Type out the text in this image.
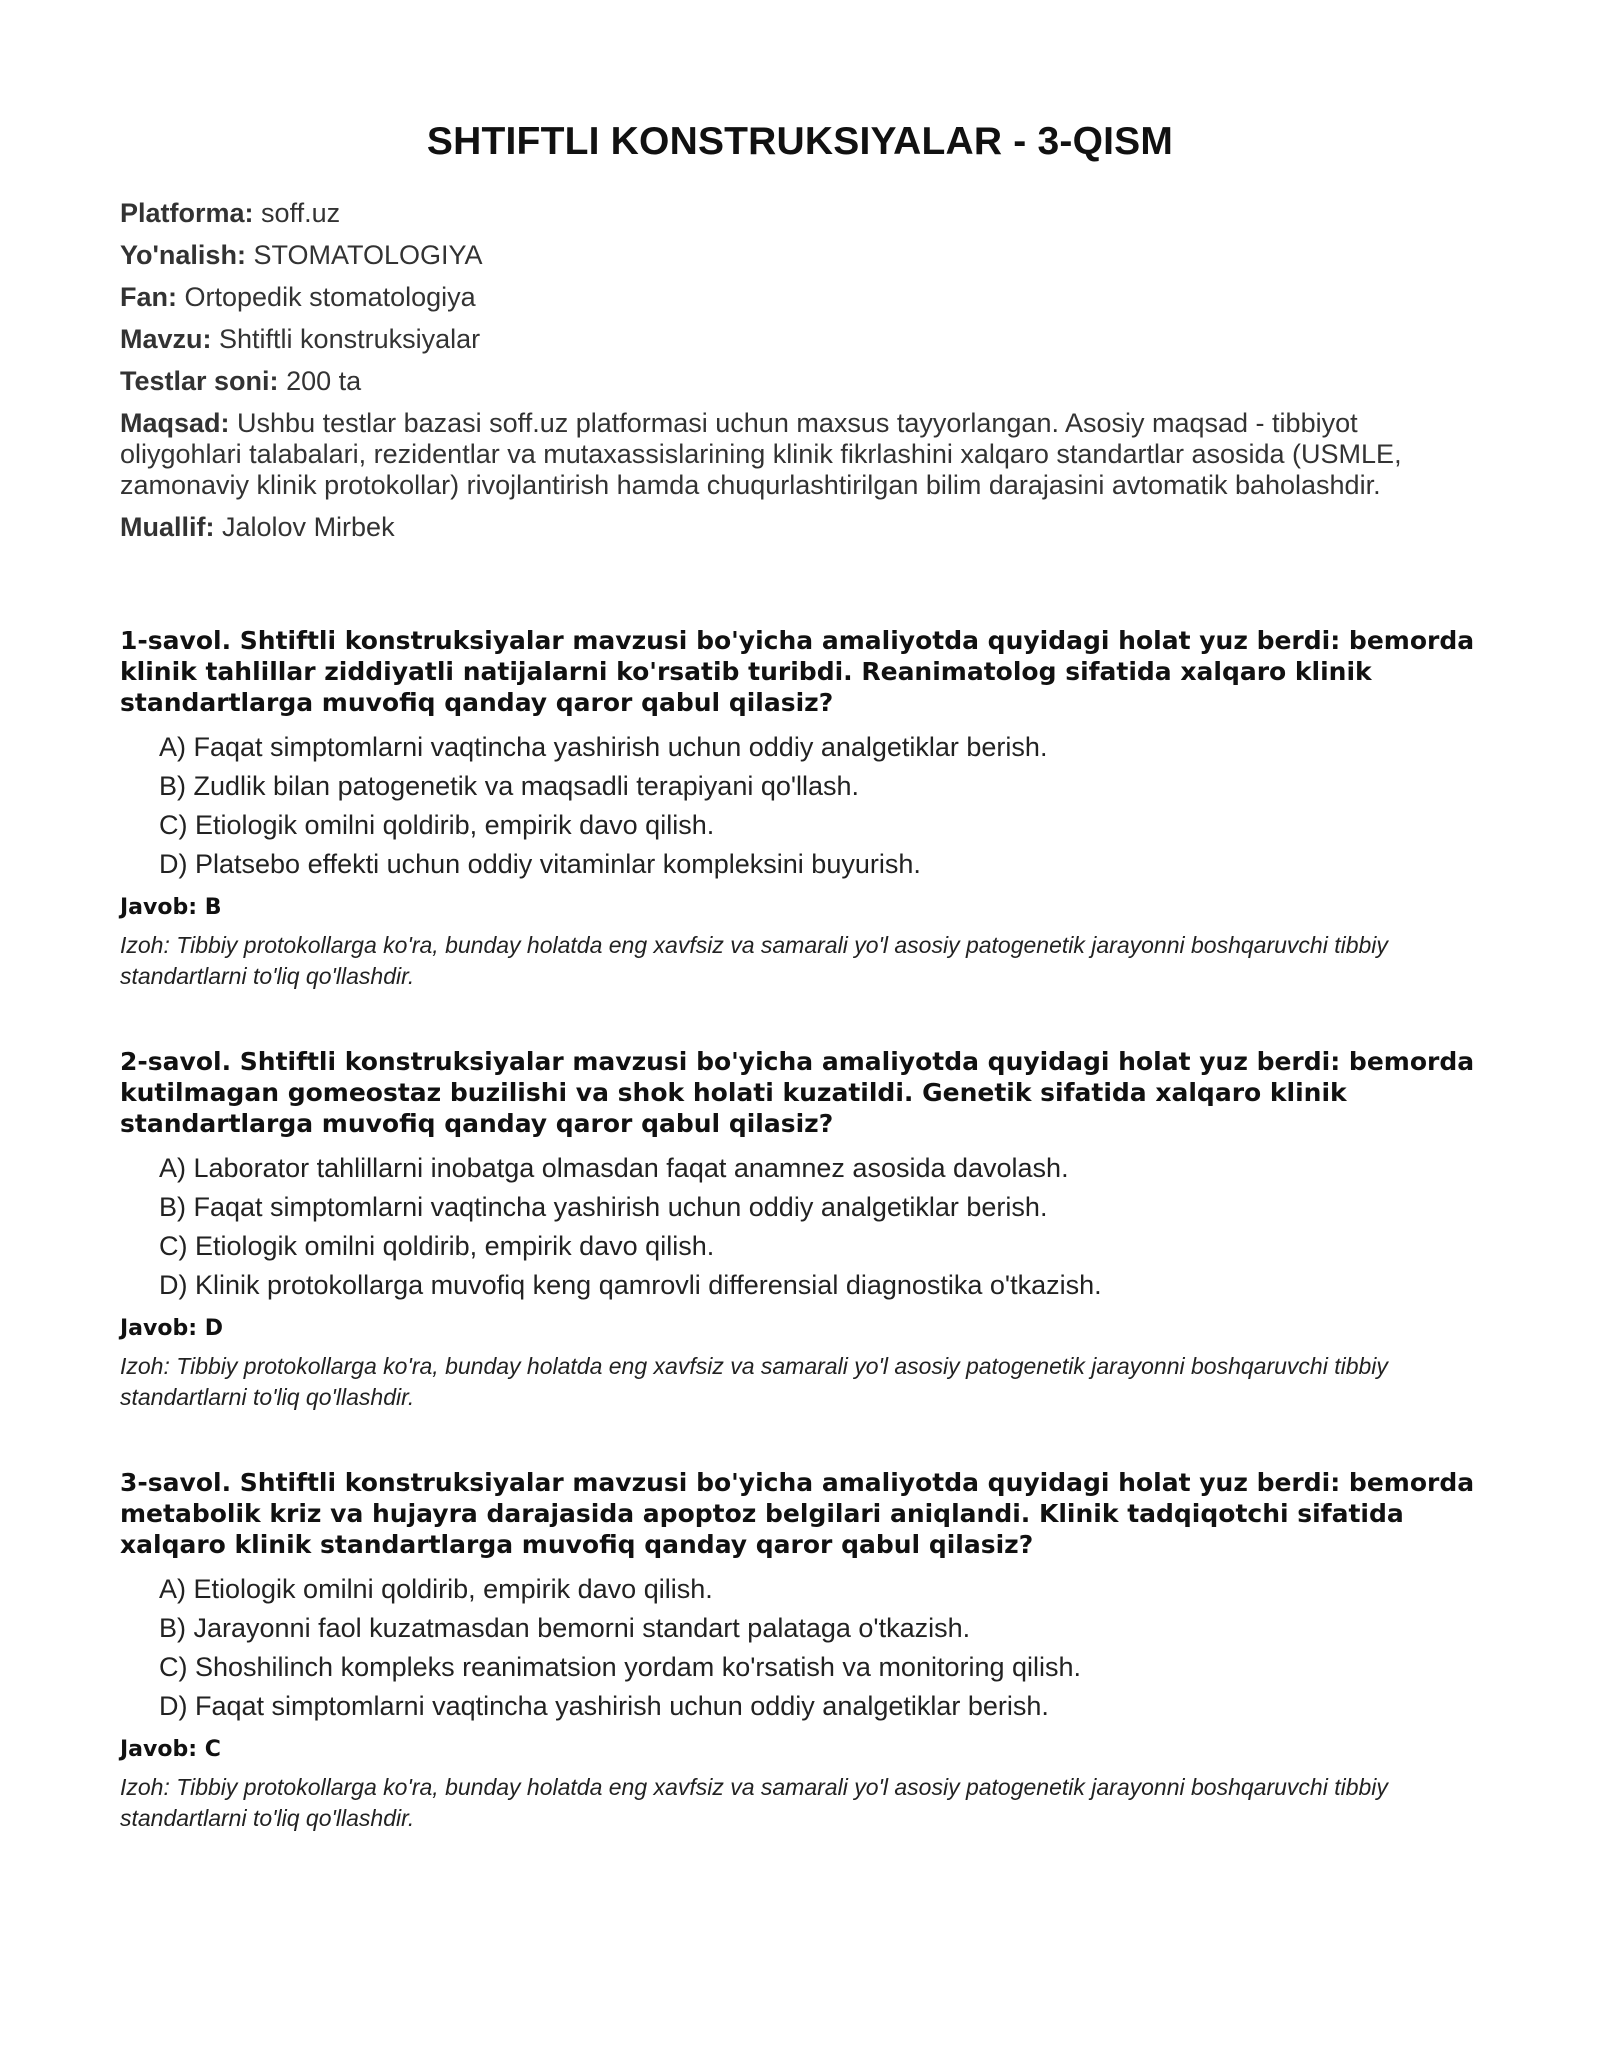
SHTIFTLI KONSTRUKSIYALAR - 3-QISM

Platforma: soff.uz

Yo'nalish: STOMATOLOGIYA

Fan: Ortopedik stomatologiya

Mavzu: Shtiftli konstruksiyalar

Testlar soni: 200 ta

Maqsad: Ushbu testlar bazasi soff.uz platformasi uchun maxsus tayyorlangan. Asosiy maqsad - tibbiyot oliygohlari talabalari, rezidentlar va mutaxassislarining klinik fikrlashini xalqaro standartlar asosida (USMLE, zamonaviy klinik protokollar) rivojlantirish hamda chuqurlashtirilgan bilim darajasini avtomatik baholashdir.

Muallif: Jalolov Mirbek

1-savol. Shtiftli konstruksiyalar mavzusi bo'yicha amaliyotda quyidagi holat yuz berdi: bemorda klinik tahlillar ziddiyatli natijalarni ko'rsatib turibdi. Reanimatolog sifatida xalqaro klinik standartlarga muvofiq qanday qaror qabul qilasiz?

A) Faqat simptomlarni vaqtincha yashirish uchun oddiy analgetiklar berish.
B) Zudlik bilan patogenetik va maqsadli terapiyani qo'llash.
C) Etiologik omilni qoldirib, empirik davo qilish.
D) Platsebo effekti uchun oddiy vitaminlar kompleksini buyurish.

Javob: B

Izoh: Tibbiy protokollarga ko'ra, bunday holatda eng xavfsiz va samarali yo'l asosiy patogenetik jarayonni boshqaruvchi tibbiy standartlarni to'liq qo'llashdir.

2-savol. Shtiftli konstruksiyalar mavzusi bo'yicha amaliyotda quyidagi holat yuz berdi: bemorda kutilmagan gomeostaz buzilishi va shok holati kuzatildi. Genetik sifatida xalqaro klinik standartlarga muvofiq qanday qaror qabul qilasiz?

A) Laborator tahlillarni inobatga olmasdan faqat anamnez asosida davolash.
B) Faqat simptomlarni vaqtincha yashirish uchun oddiy analgetiklar berish.
C) Etiologik omilni qoldirib, empirik davo qilish.
D) Klinik protokollarga muvofiq keng qamrovli differensial diagnostika o'tkazish.

Javob: D

Izoh: Tibbiy protokollarga ko'ra, bunday holatda eng xavfsiz va samarali yo'l asosiy patogenetik jarayonni boshqaruvchi tibbiy standartlarni to'liq qo'llashdir.

3-savol. Shtiftli konstruksiyalar mavzusi bo'yicha amaliyotda quyidagi holat yuz berdi: bemorda metabolik kriz va hujayra darajasida apoptoz belgilari aniqlandi. Klinik tadqiqotchi sifatida xalqaro klinik standartlarga muvofiq qanday qaror qabul qilasiz?

A) Etiologik omilni qoldirib, empirik davo qilish.
B) Jarayonni faol kuzatmasdan bemorni standart palataga o'tkazish.
C) Shoshilinch kompleks reanimatsion yordam ko'rsatish va monitoring qilish.
D) Faqat simptomlarni vaqtincha yashirish uchun oddiy analgetiklar berish.

Javob: C

Izoh: Tibbiy protokollarga ko'ra, bunday holatda eng xavfsiz va samarali yo'l asosiy patogenetik jarayonni boshqaruvchi tibbiy standartlarni to'liq qo'llashdir.
